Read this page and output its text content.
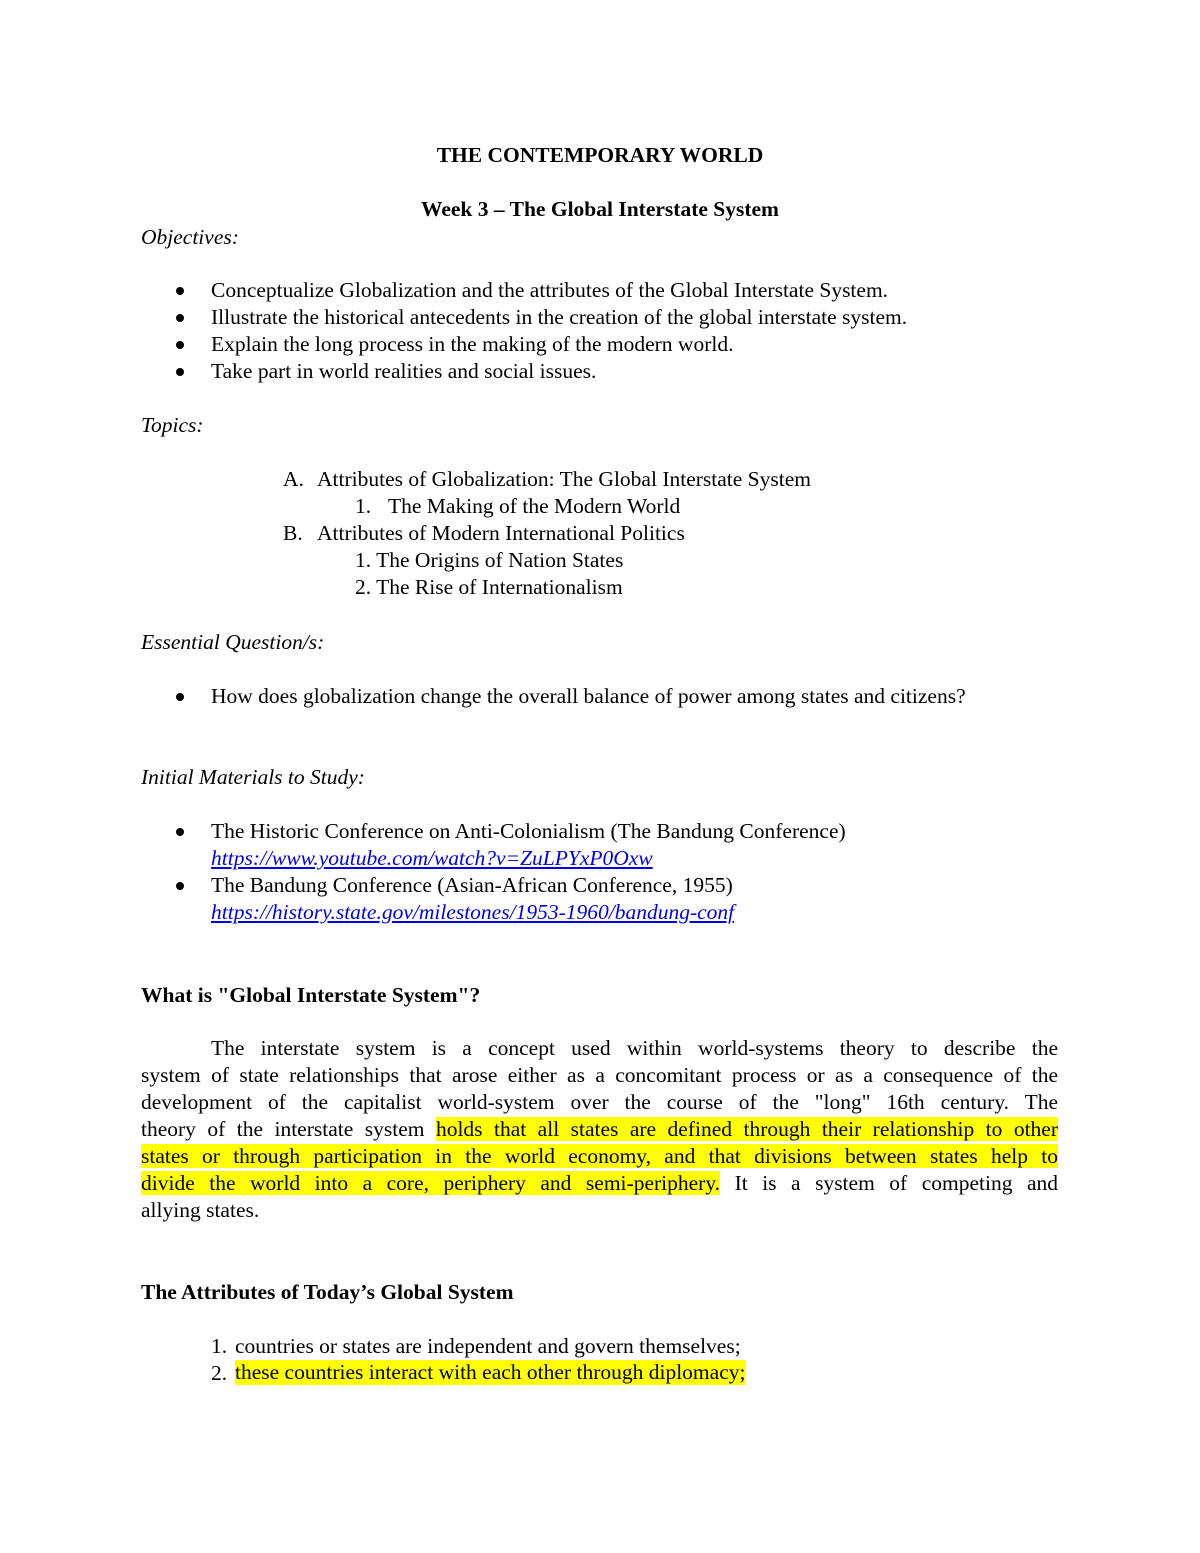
THE CONTEMPORARY WORLD
Week 3 – The Global Interstate System
Objectives:
Conceptualize Globalization and the attributes of the Global Interstate System.
Illustrate the historical antecedents in the creation of the global interstate system.
Explain the long process in the making of the modern world.
Take part in world realities and social issues.
Topics:
A. Attributes of Globalization: The Global Interstate System
1. The Making of the Modern World
B. Attributes of Modern International Politics
1. The Origins of Nation States
2. The Rise of Internationalism
Essential Question/s:
How does globalization change the overall balance of power among states and citizens?
Initial Materials to Study:
The Historic Conference on Anti-Colonialism (The Bandung Conference)
https://www.youtube.com/watch?v=ZuLPYxP0Oxw
The Bandung Conference (Asian-African Conference, 1955)
https://history.state.gov/milestones/1953-1960/bandung-conf
What is "Global Interstate System"?
The interstate system is a concept used within world-systems theory to describe the
system of state relationships that arose either as a concomitant process or as a consequence of the
development of the capitalist world-system over the course of the "long" 16th century. The
theory of the interstate system holds that all states are defined through their relationship to other
states or through participation in the world economy, and that divisions between states help to
divide the world into a core, periphery and semi-periphery. It is a system of competing and
allying states.
The Attributes of Today’s Global System
1. countries or states are independent and govern themselves;
2. these countries interact with each other through diplomacy;
